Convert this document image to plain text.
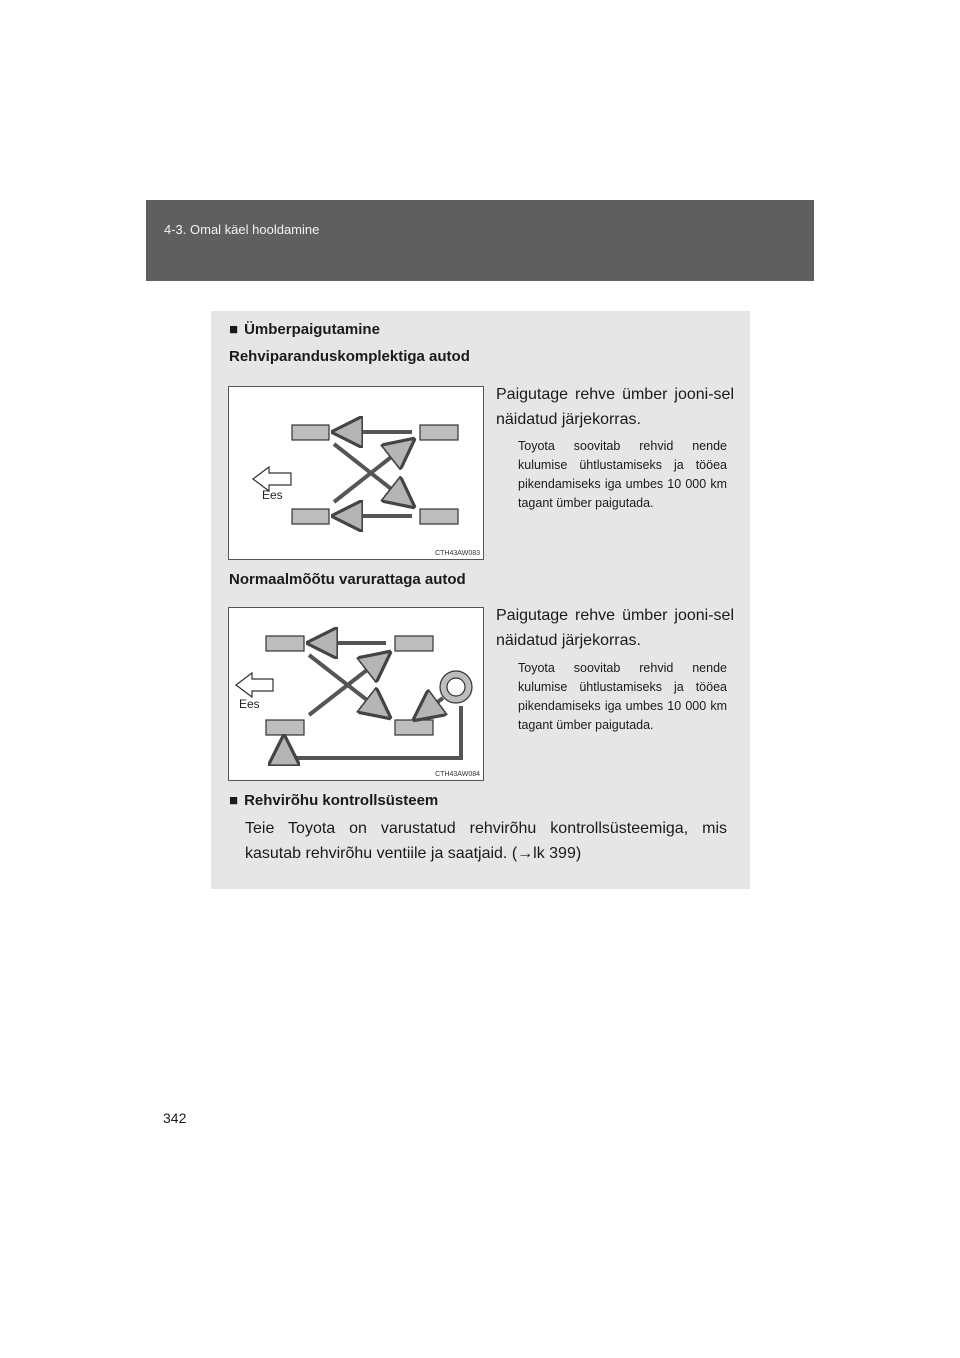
4-3. Omal käel hooldamine
■ Ümberpaigutamine
Rehviparanduskomplektiga autod
Ees
CTH43AW083
Paigutage rehve ümber jooni-sel näidatud järjekorras.
Toyota soovitab rehvid nende kulumise ühtlustamiseks ja tööea pikendamiseks iga umbes 10 000 km tagant ümber paigutada.
Normaalmõõtu varurattaga autod
Ees
CTH43AW084
Paigutage rehve ümber jooni-sel näidatud järjekorras.
Toyota soovitab rehvid nende kulumise ühtlustamiseks ja tööea pikendamiseks iga umbes 10 000 km tagant ümber paigutada.
■ Rehvirõhu kontrollsüsteem
Teie Toyota on varustatud rehvirõhu kontrollsüsteemiga, mis kasutab rehvirõhu ventiile ja saatjaid. (→lk 399)
342
